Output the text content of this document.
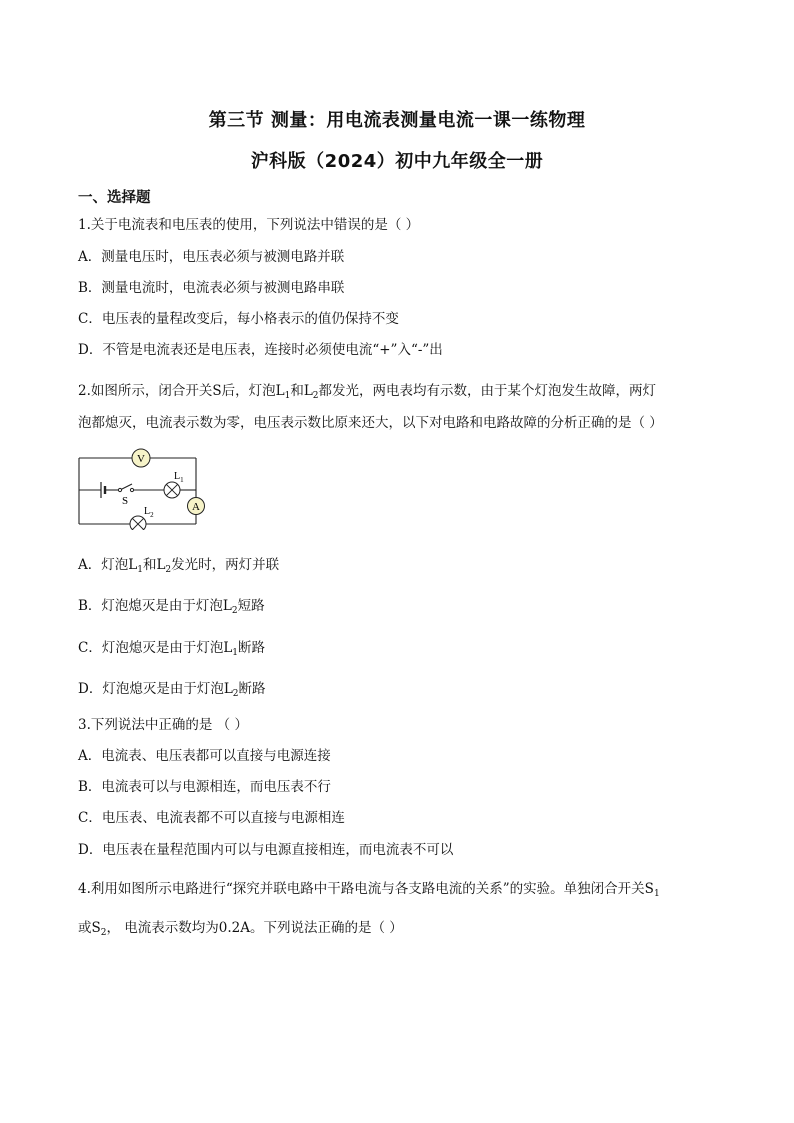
第三节 测量：用电流表测量电流一课一练物理
沪科版（2024）初中九年级全一册
一、选择题
1.关于电流表和电压表的使用，下列说法中错误的是（ ）
A．测量电压时，电压表必须与被测电路并联
B．测量电流时，电流表必须与被测电路串联
C．电压表的量程改变后，每小格表示的值仍保持不变
D．不管是电流表还是电压表，连接时必须使电流“+”入“-”出
2.如图所示，闭合开关S后，灯泡$L_1$和$L_2$都发光，两电表均有示数，由于某个灯泡发生故障，两灯
泡都熄灭，电流表示数为零，电压表示数比原来还大，以下对电路和电路故障的分析正确的是（ ）
S
V
$L_1$
A
$L_2$
A．灯泡$L_1$和$L_2$发光时，两灯并联
B．灯泡熄灭是由于灯泡$L_2$短路
C．灯泡熄灭是由于灯泡$L_1$断路
D．灯泡熄灭是由于灯泡$L_2$断路
3.下列说法中正确的是 （ ）
A．电流表、电压表都可以直接与电源连接
B．电流表可以与电源相连，而电压表不行
C．电压表、电流表都不可以直接与电源相连
D．电压表在量程范围内可以与电源直接相连，而电流表不可以
4.利用如图所示电路进行“探究并联电路中干路电流与各支路电流的关系”的实验。单独闭合开关$S_1$
或$S_2$， 电流表示数均为0.2A。下列说法正确的是（ ）
